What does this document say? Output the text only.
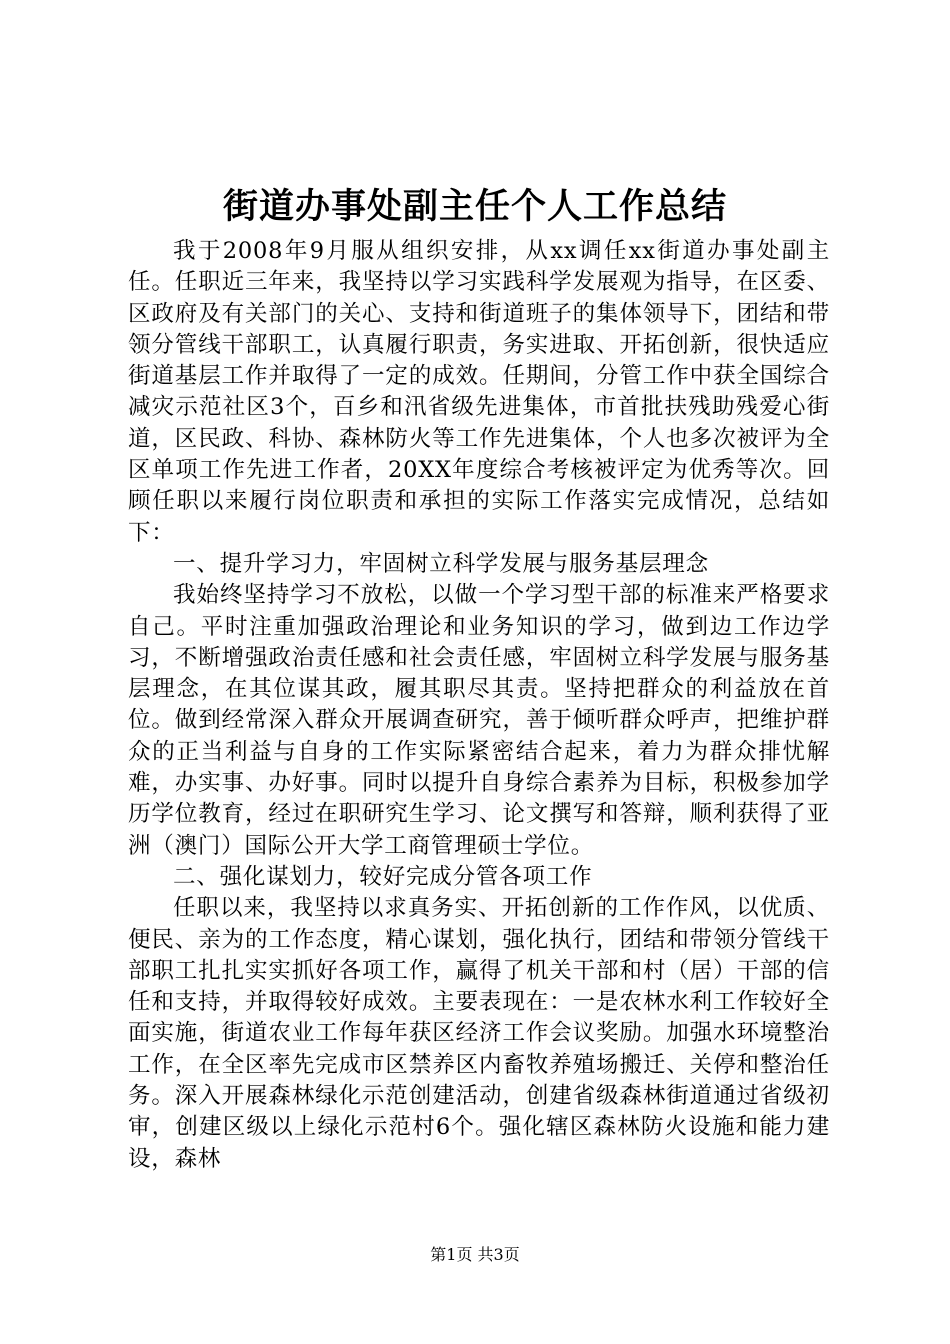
街道办事处副主任个人工作总结

我于2008年9月服从组织安排，从xx调任xx街道办事处副主任。任职近三年来，我坚持以学习实践科学发展观为指导，在区委、区政府及有关部门的关心、支持和街道班子的集体领导下，团结和带领分管线干部职工，认真履行职责，务实进取、开拓创新，很快适应街道基层工作并取得了一定的成效。任期间，分管工作中获全国综合减灾示范社区3个，百乡和汛省级先进集体，市首批扶残助残爱心街道，区民政、科协、森林防火等工作先进集体，个人也多次被评为全区单项工作先进工作者，20XX年度综合考核被评定为优秀等次。回顾任职以来履行岗位职责和承担的实际工作落实完成情况，总结如下：

一、提升学习力，牢固树立科学发展与服务基层理念

我始终坚持学习不放松，以做一个学习型干部的标准来严格要求自己。平时注重加强政治理论和业务知识的学习，做到边工作边学习，不断增强政治责任感和社会责任感，牢固树立科学发展与服务基层理念，在其位谋其政，履其职尽其责。坚持把群众的利益放在首位。做到经常深入群众开展调查研究，善于倾听群众呼声，把维护群众的正当利益与自身的工作实际紧密结合起来，着力为群众排忧解难，办实事、办好事。同时以提升自身综合素养为目标，积极参加学历学位教育，经过在职研究生学习、论文撰写和答辩，顺利获得了亚洲（澳门）国际公开大学工商管理硕士学位。

二、强化谋划力，较好完成分管各项工作

任职以来，我坚持以求真务实、开拓创新的工作作风，以优质、便民、亲为的工作态度，精心谋划，强化执行，团结和带领分管线干部职工扎扎实实抓好各项工作，赢得了机关干部和村（居）干部的信任和支持，并取得较好成效。主要表现在：一是农林水利工作较好全面实施，街道农业工作每年获区经济工作会议奖励。加强水环境整治工作，在全区率先完成市区禁养区内畜牧养殖场搬迁、关停和整治任务。深入开展森林绿化示范创建活动，创建省级森林街道通过省级初审，创建区级以上绿化示范村6个。强化辖区森林防火设施和能力建设，森林

第1页 共3页
